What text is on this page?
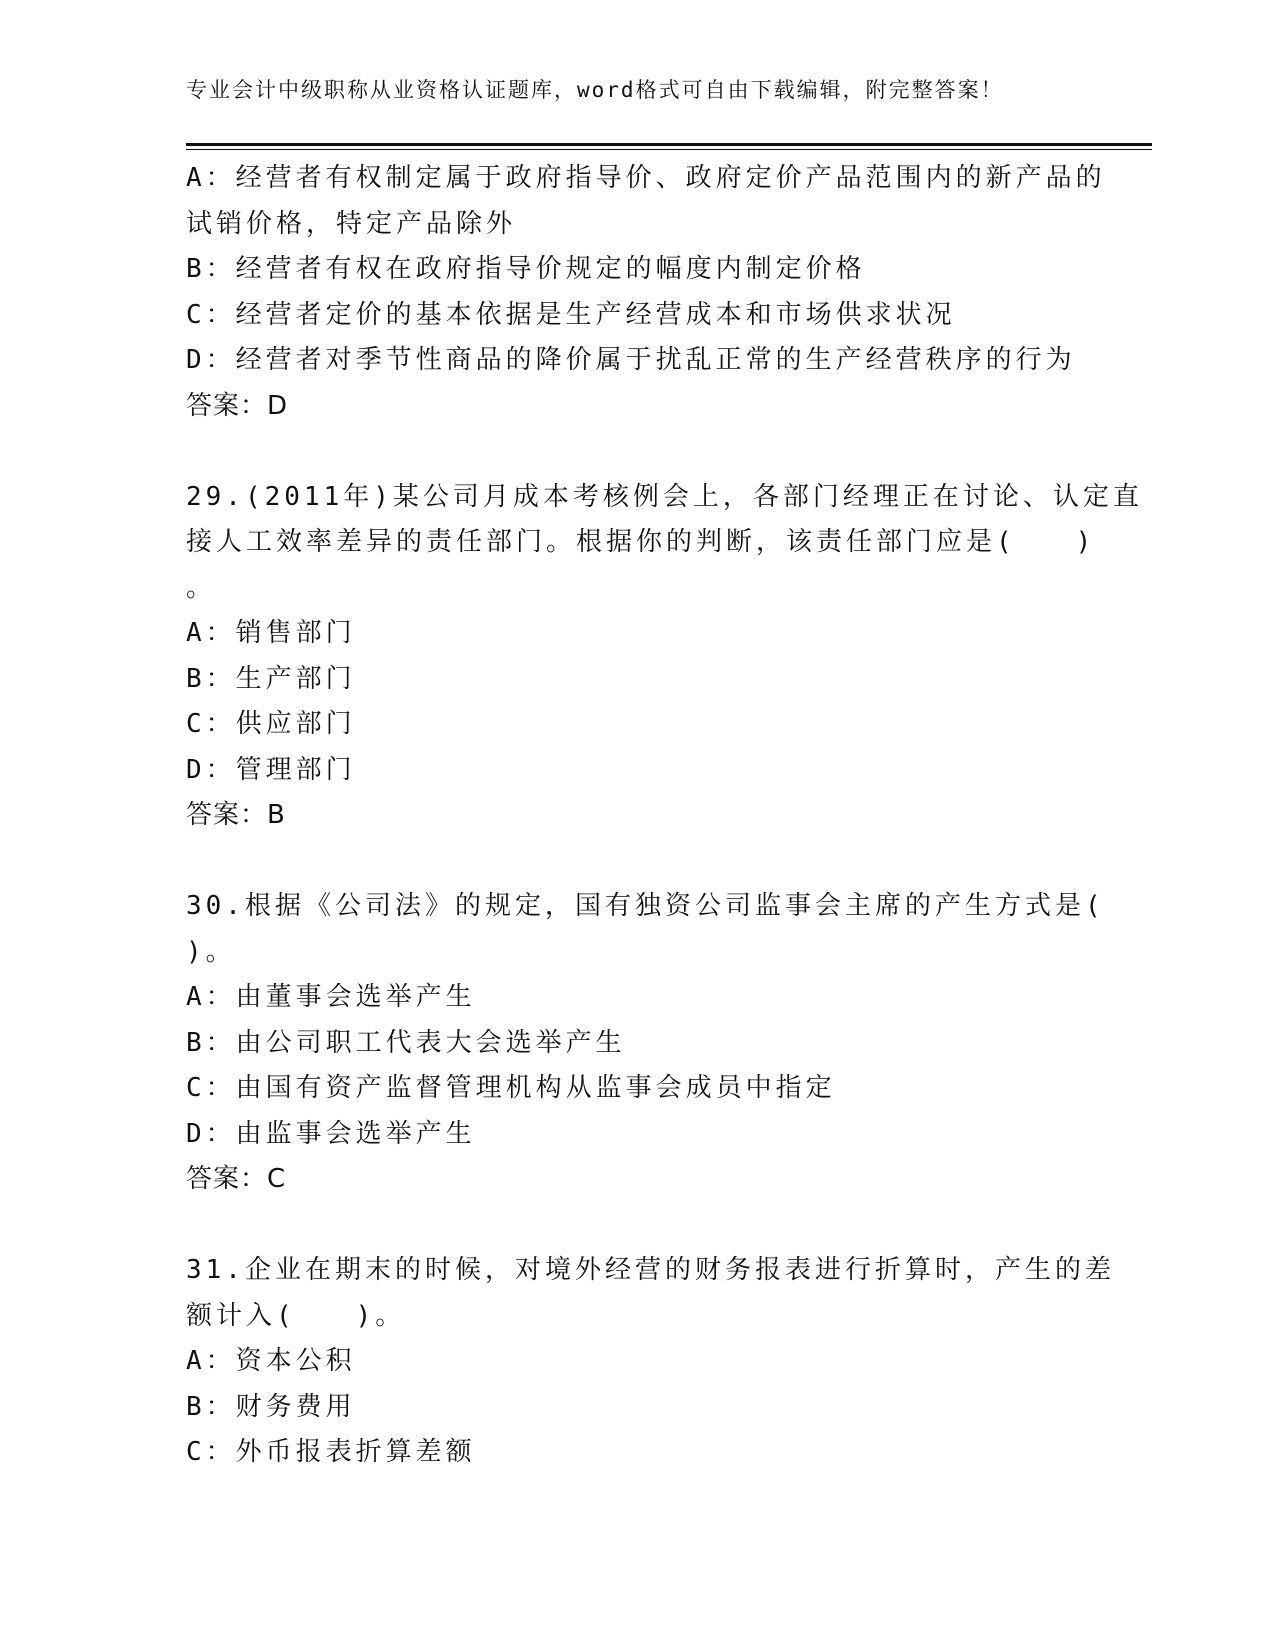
专业会计中级职称从业资格认证题库，word格式可自由下载编辑，附完整答案！
A：经营者有权制定属于政府指导价、政府定价产品范围内的新产品的
试销价格，特定产品除外
B：经营者有权在政府指导价规定的幅度内制定价格
C：经营者定价的基本依据是生产经营成本和市场供求状况
D：经营者对季节性商品的降价属于扰乱正常的生产经营秩序的行为
答案：D
29.(2011年)某公司月成本考核例会上，各部门经理正在讨论、认定直
接人工效率差异的责任部门。根据你的判断，该责任部门应是(　　)
。
A：销售部门
B：生产部门
C：供应部门
D：管理部门
答案：B
30.根据《公司法》的规定，国有独资公司监事会主席的产生方式是(
)。
A：由董事会选举产生
B：由公司职工代表大会选举产生
C：由国有资产监督管理机构从监事会成员中指定
D：由监事会选举产生
答案：C
31.企业在期末的时候，对境外经营的财务报表进行折算时，产生的差
额计入(　　)。
A：资本公积
B：财务费用
C：外币报表折算差额
